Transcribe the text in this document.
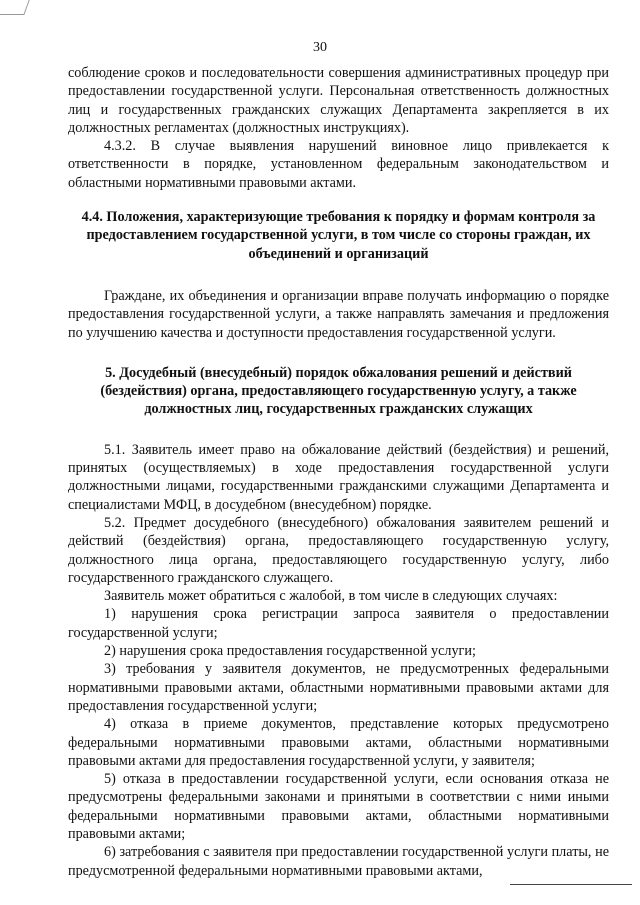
30

соблюдение сроков и последовательности совершения административных процедур при предоставлении государственной услуги. Персональная ответственность должностных лиц и государственных гражданских служащих Департамента закрепляется в их должностных регламентах (должностных инструкциях).

4.3.2. В случае выявления нарушений виновное лицо привлекается к ответственности в порядке, установленном федеральным законодательством и областными нормативными правовыми актами.

4.4. Положения, характеризующие требования к порядку и формам контроля за предоставлением государственной услуги, в том числе со стороны граждан, их объединений и организаций

Граждане, их объединения и организации вправе получать информацию о порядке предоставления государственной услуги, а также направлять замечания и предложения по улучшению качества и доступности предоставления государственной услуги.

5. Досудебный (внесудебный) порядок обжалования решений и действий (бездействия) органа, предоставляющего государственную услугу, а также должностных лиц, государственных гражданских служащих

5.1. Заявитель имеет право на обжалование действий (бездействия) и решений, принятых (осуществляемых) в ходе предоставления государственной услуги должностными лицами, государственными гражданскими служащими Департамента и специалистами МФЦ, в досудебном (внесудебном) порядке.

5.2. Предмет досудебного (внесудебного) обжалования заявителем решений и действий (бездействия) органа, предоставляющего государственную услугу, должностного лица органа, предоставляющего государственную услугу, либо государственного гражданского служащего.

Заявитель может обратиться с жалобой, в том числе в следующих случаях:

1) нарушения срока регистрации запроса заявителя о предоставлении государственной услуги;

2) нарушения срока предоставления государственной услуги;

3) требования у заявителя документов, не предусмотренных федеральными нормативными правовыми актами, областными нормативными правовыми актами для предоставления государственной услуги;

4) отказа в приеме документов, представление которых предусмотрено федеральными нормативными правовыми актами, областными нормативными правовыми актами для предоставления государственной услуги, у заявителя;

5) отказа в предоставлении государственной услуги, если основания отказа не предусмотрены федеральными законами и принятыми в соответствии с ними иными федеральными нормативными правовыми актами, областными нормативными правовыми актами;

6) затребования с заявителя при предоставлении государственной услуги платы, не предусмотренной федеральными нормативными правовыми актами,
